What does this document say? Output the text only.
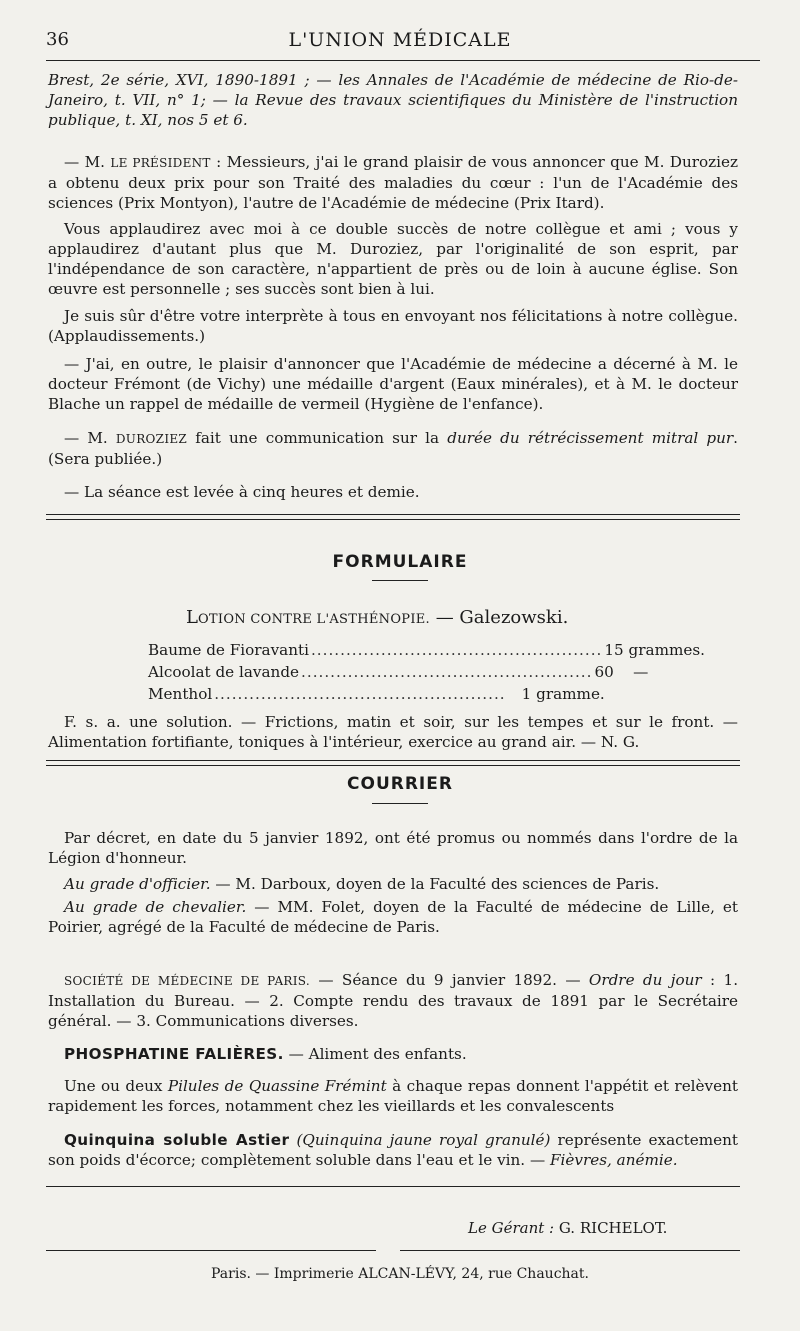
36	L'UNION MÉDICALE

Brest, 2e série, XVI, 1890-1891 ; — les Annales de l'Académie de médecine de Rio-de-Janeiro, t. VII, n° 1; — la Revue des travaux scientifiques du Ministère de l'instruction publique, t. XI, nos 5 et 6.

— M. LE PRÉSIDENT : Messieurs, j'ai le grand plaisir de vous annoncer que M. Duroziez a obtenu deux prix pour son Traité des maladies du cœur : l'un de l'Académie des sciences (Prix Montyon), l'autre de l'Académie de médecine (Prix Itard).

Vous applaudirez avec moi à ce double succès de notre collègue et ami ; vous y applaudirez d'autant plus que M. Duroziez, par l'originalité de son esprit, par l'indépendance de son caractère, n'appartient de près ou de loin à aucune église. Son œuvre est personnelle ; ses succès sont bien à lui.

Je suis sûr d'être votre interprète à tous en envoyant nos félicitations à notre collègue. (Applaudissements.)

— J'ai, en outre, le plaisir d'annoncer que l'Académie de médecine a décerné à M. le docteur Frémont (de Vichy) une médaille d'argent (Eaux minérales), et à M. le docteur Blache un rappel de médaille de vermeil (Hygiène de l'enfance).

— M. DUROZIEZ fait une communication sur la durée du rétrécissement mitral pur. (Sera publiée.)

— La séance est levée à cinq heures et demie.

FORMULAIRE
LOTION CONTRE L'ASTHÉNOPIE. — Galezowski.
Baume de Fioravanti .................................................. 15 grammes.
Alcoolat de lavande .................................................. 60    —
Menthol ..................................................	1 gramme.

F. s. a. une solution. — Frictions, matin et soir, sur les tempes et sur le front. — Alimentation fortifiante, toniques à l'intérieur, exercice au grand air. — N. G.

COURRIER

Par décret, en date du 5 janvier 1892, ont été promus ou nommés dans l'ordre de la Légion d'honneur.

Au grade d'officier. — M. Darboux, doyen de la Faculté des sciences de Paris.

Au grade de chevalier. — MM. Folet, doyen de la Faculté de médecine de Lille, et Poirier, agrégé de la Faculté de médecine de Paris.

SOCIÉTÉ DE MÉDECINE DE PARIS. — Séance du 9 janvier 1892. — Ordre du jour : 1. Installation du Bureau. — 2. Compte rendu des travaux de 1891 par le Secrétaire général. — 3. Communications diverses.

PHOSPHATINE FALIÈRES. — Aliment des enfants.

Une ou deux Pilules de Quassine Frémint à chaque repas donnent l'appétit et relèvent rapidement les forces, notamment chez les vieillards et les convalescents

Quinquina soluble Astier (Quinquina jaune royal granulé) représente exactement son poids d'écorce; complètement soluble dans l'eau et le vin. — Fièvres, anémie.

Le Gérant : G. RICHELOT.
Paris. — Imprimerie ALCAN-LÉVY, 24, rue Chauchat.
